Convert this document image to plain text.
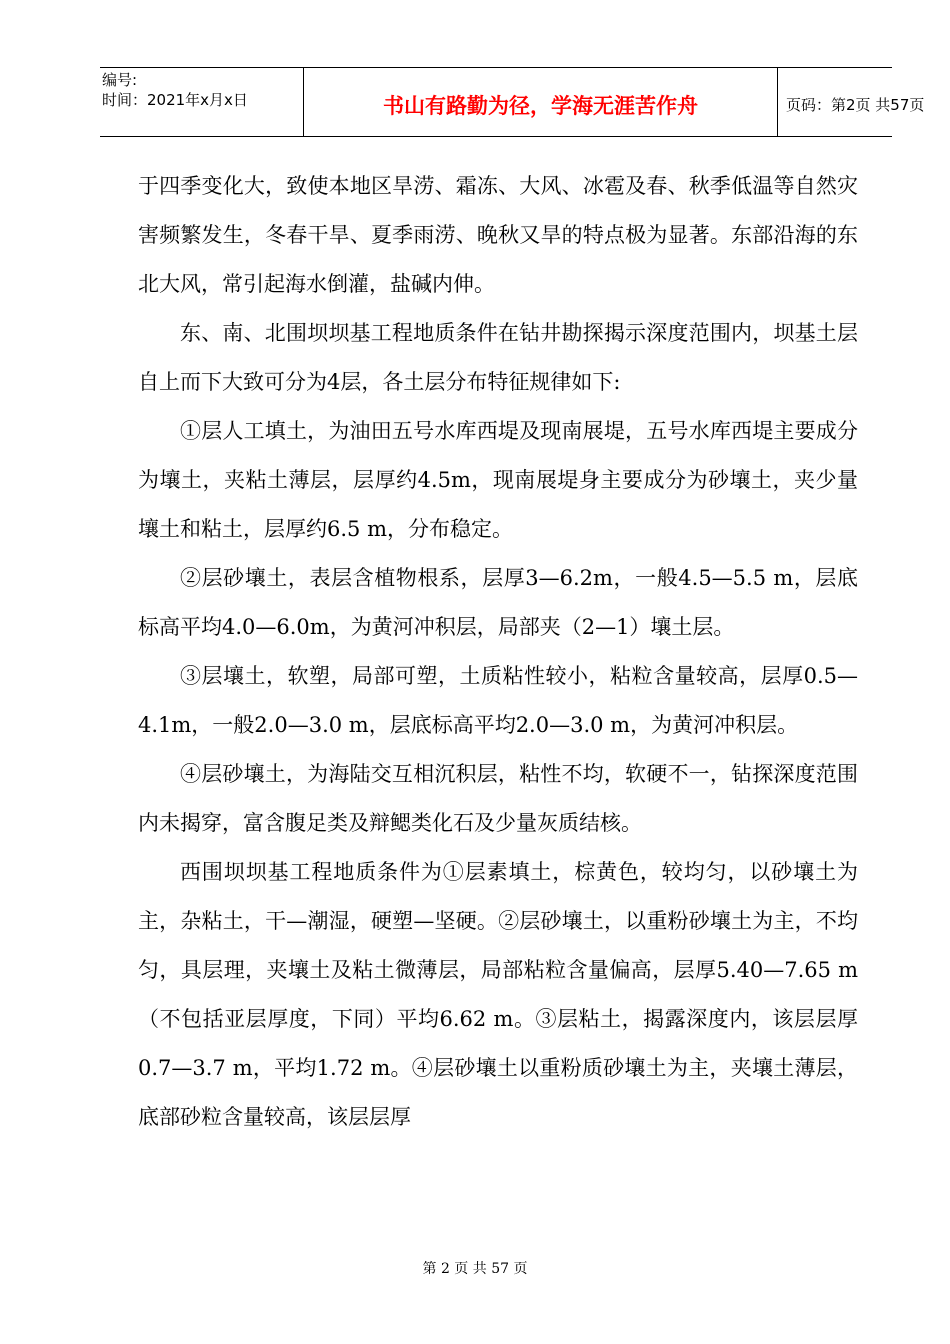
编号:
时间：2021年x月x日	书山有路勤为径，学海无涯苦作舟	页码：第2页 共57页

于四季变化大，致使本地区旱涝、霜冻、大风、冰雹及春、秋季低温等自然灾害频繁发生，冬春干旱、夏季雨涝、晚秋又旱的特点极为显著。东部沿海的东北大风，常引起海水倒灌，盐碱内伸。

东、南、北围坝坝基工程地质条件在钻井勘探揭示深度范围内，坝基土层自上而下大致可分为4层，各土层分布特征规律如下:

①层人工填土，为油田五号水库西堤及现南展堤，五号水库西堤主要成分为壤土，夹粘土薄层，层厚约4.5m，现南展堤身主要成分为砂壤土，夹少量壤土和粘土，层厚约6.5 m，分布稳定。

②层砂壤土，表层含植物根系，层厚3—6.2m，一般4.5—5.5 m，层底标高平均4.0—6.0m，为黄河冲积层，局部夹（2—1）壤土层。

③层壤土，软塑，局部可塑，土质粘性较小，粘粒含量较高，层厚0.5—4.1m，一般2.0—3.0 m，层底标高平均2.0—3.0 m，为黄河冲积层。

④层砂壤土，为海陆交互相沉积层，粘性不均，软硬不一，钻探深度范围内未揭穿，富含腹足类及辩鳃类化石及少量灰质结核。

西围坝坝基工程地质条件为①层素填土，棕黄色，较均匀，以砂壤土为主，杂粘土，干—潮湿，硬塑—坚硬。②层砂壤土，以重粉砂壤土为主，不均匀，具层理，夹壤土及粘土微薄层，局部粘粒含量偏高，层厚5.40—7.65 m（不包括亚层厚度，下同）平均6.62 m。③层粘土，揭露深度内，该层层厚0.7—3.7 m，平均1.72 m。④层砂壤土以重粉质砂壤土为主，夹壤土薄层，底部砂粒含量较高，该层层厚

第 2 页 共 57 页
